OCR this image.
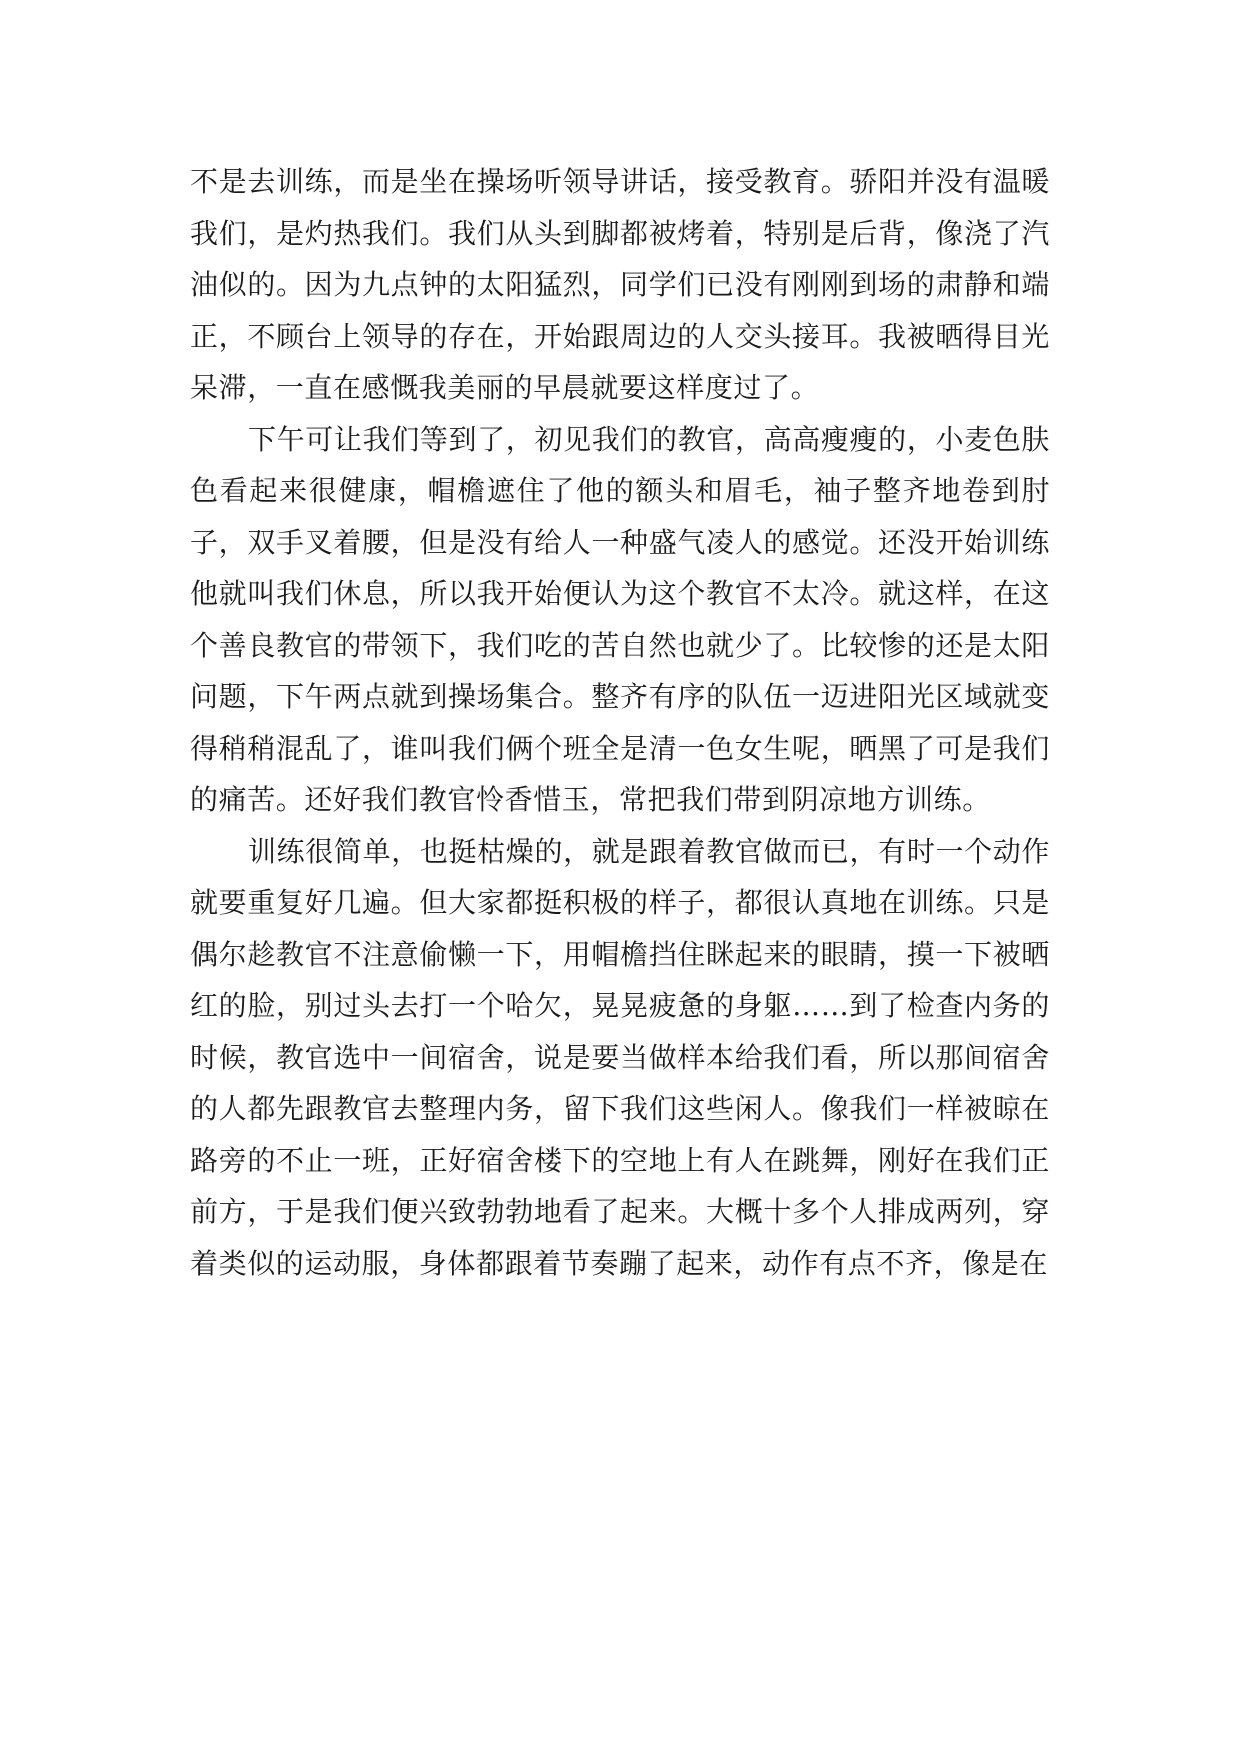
不是去训练，而是坐在操场听领导讲话，接受教育。骄阳并没有温暖我们，是灼热我们。我们从头到脚都被烤着，特别是后背，像浇了汽油似的。因为九点钟的太阳猛烈，同学们已没有刚刚到场的肃静和端正，不顾台上领导的存在，开始跟周边的人交头接耳。我被晒得目光呆滞，一直在感慨我美丽的早晨就要这样度过了。

下午可让我们等到了，初见我们的教官，高高瘦瘦的，小麦色肤色看起来很健康，帽檐遮住了他的额头和眉毛，袖子整齐地卷到肘子，双手叉着腰，但是没有给人一种盛气凌人的感觉。还没开始训练他就叫我们休息，所以我开始便认为这个教官不太冷。就这样，在这个善良教官的带领下，我们吃的苦自然也就少了。比较惨的还是太阳问题，下午两点就到操场集合。整齐有序的队伍一迈进阳光区域就变得稍稍混乱了，谁叫我们俩个班全是清一色女生呢，晒黑了可是我们的痛苦。还好我们教官怜香惜玉，常把我们带到阴凉地方训练。

训练很简单，也挺枯燥的，就是跟着教官做而已，有时一个动作就要重复好几遍。但大家都挺积极的样子，都很认真地在训练。只是偶尔趁教官不注意偷懒一下，用帽檐挡住眯起来的眼睛，摸一下被晒红的脸，别过头去打一个哈欠，晃晃疲惫的身躯……到了检查内务的时候，教官选中一间宿舍，说是要当做样本给我们看，所以那间宿舍的人都先跟教官去整理内务，留下我们这些闲人。像我们一样被晾在路旁的不止一班，正好宿舍楼下的空地上有人在跳舞，刚好在我们正前方，于是我们便兴致勃勃地看了起来。大概十多个人排成两列，穿着类似的运动服，身体都跟着节奏蹦了起来，动作有点不齐，像是在
